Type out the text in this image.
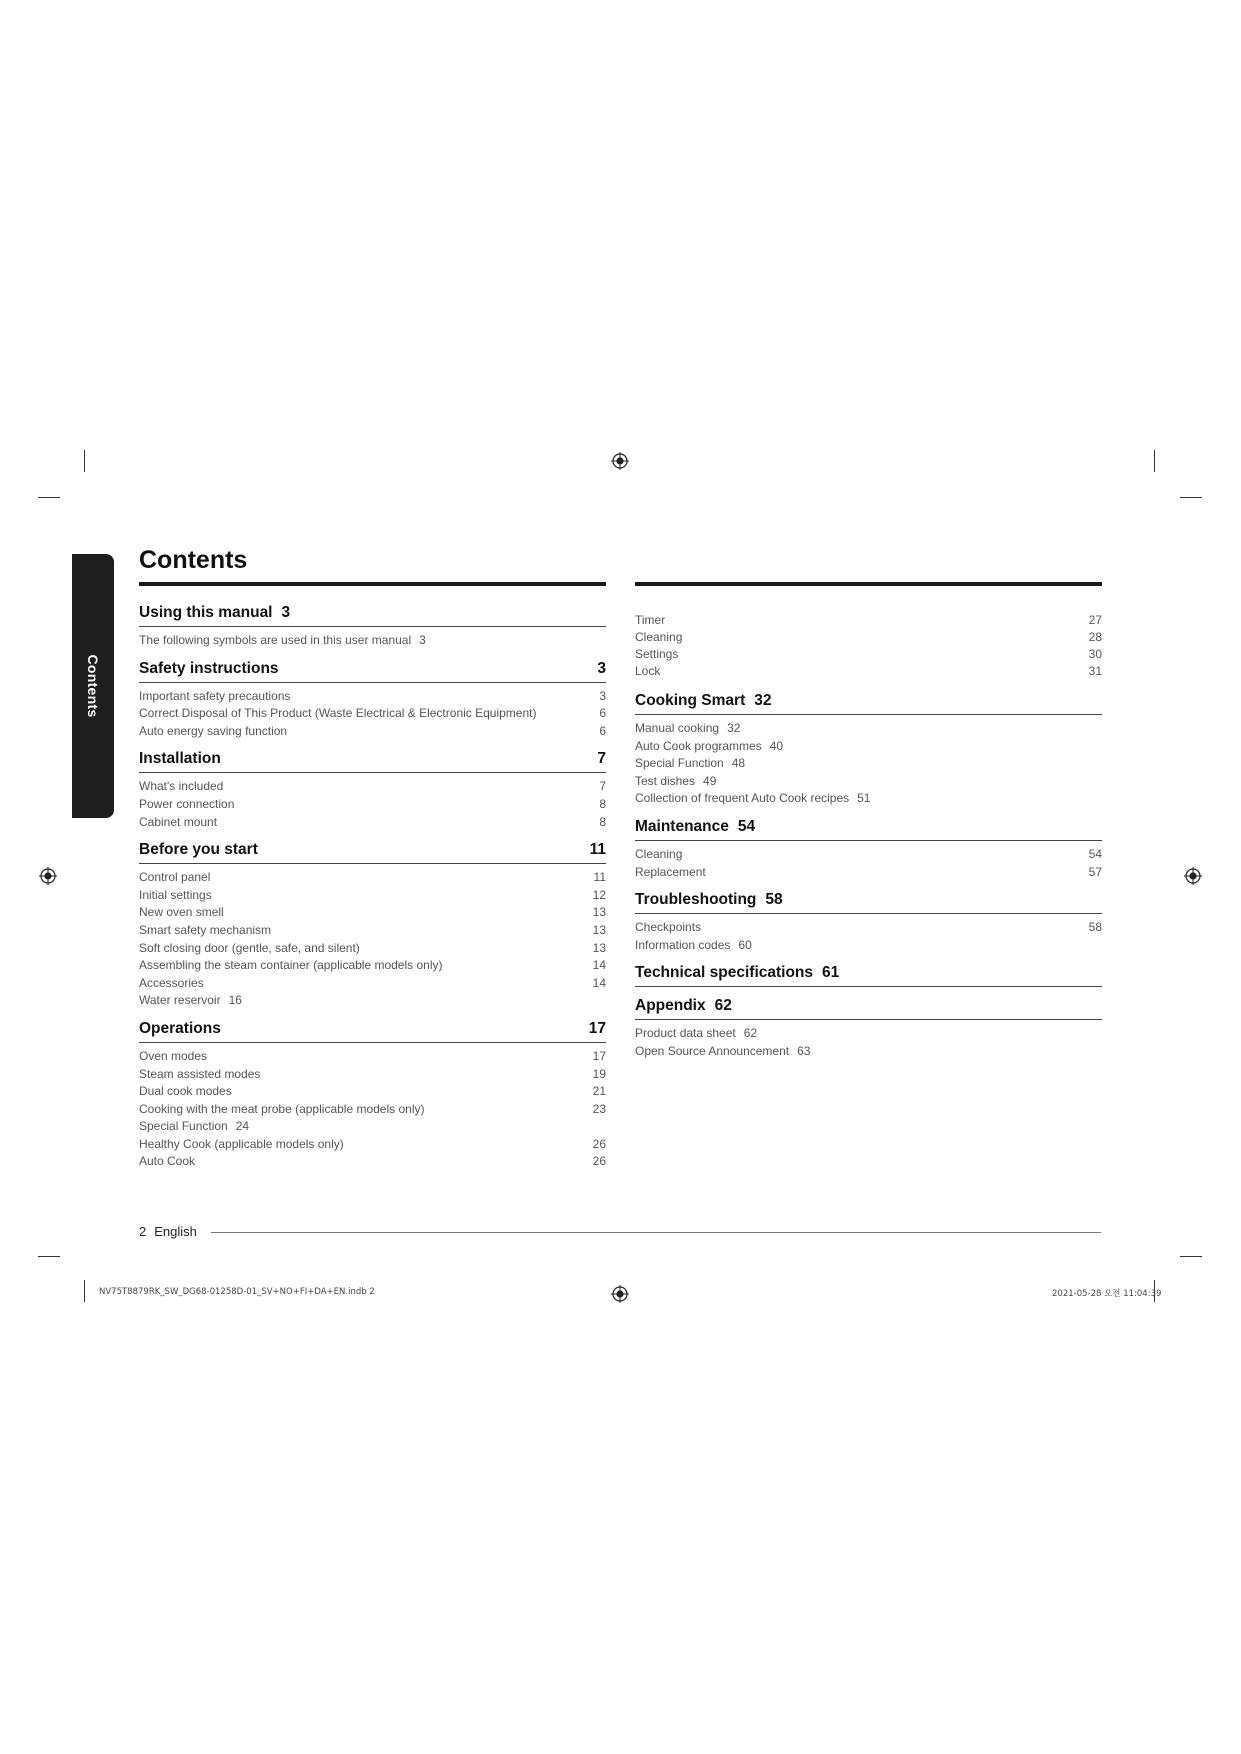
Contents
Contents
Using this manual 3
The following symbols are used in this user manual 3
Safety instructions	3
Important safety precautions	3
Correct Disposal of This Product (Waste Electrical & Electronic Equipment)	6
Auto energy saving function	6
Installation	7
What's included	7
Power connection	8
Cabinet mount	8
Before you start	11
Control panel	11
Initial settings	12
New oven smell	13
Smart safety mechanism	13
Soft closing door (gentle, safe, and silent)	13
Assembling the steam container (applicable models only)	14
Accessories	14
Water reservoir 16
Operations	17
Oven modes	17
Steam assisted modes	19
Dual cook modes	21
Cooking with the meat probe (applicable models only)	23
Special Function 24
Healthy Cook (applicable models only)	26
Auto Cook	26
Timer	27
Cleaning	28
Settings	30
Lock	31
Cooking Smart 32
Manual cooking 32
Auto Cook programmes 40
Special Function 48
Test dishes 49
Collection of frequent Auto Cook recipes 51
Maintenance 54
Cleaning	54
Replacement	57
Troubleshooting 58
Checkpoints	58
Information codes 60
Technical specifications 61
Appendix 62
Product data sheet 62
Open Source Announcement 63
2 English
NV75T8879RK_SW_DG68-01258D-01_SV+NO+FI+DA+EN.indb 2	2021-05-28 오전 11:04:39
